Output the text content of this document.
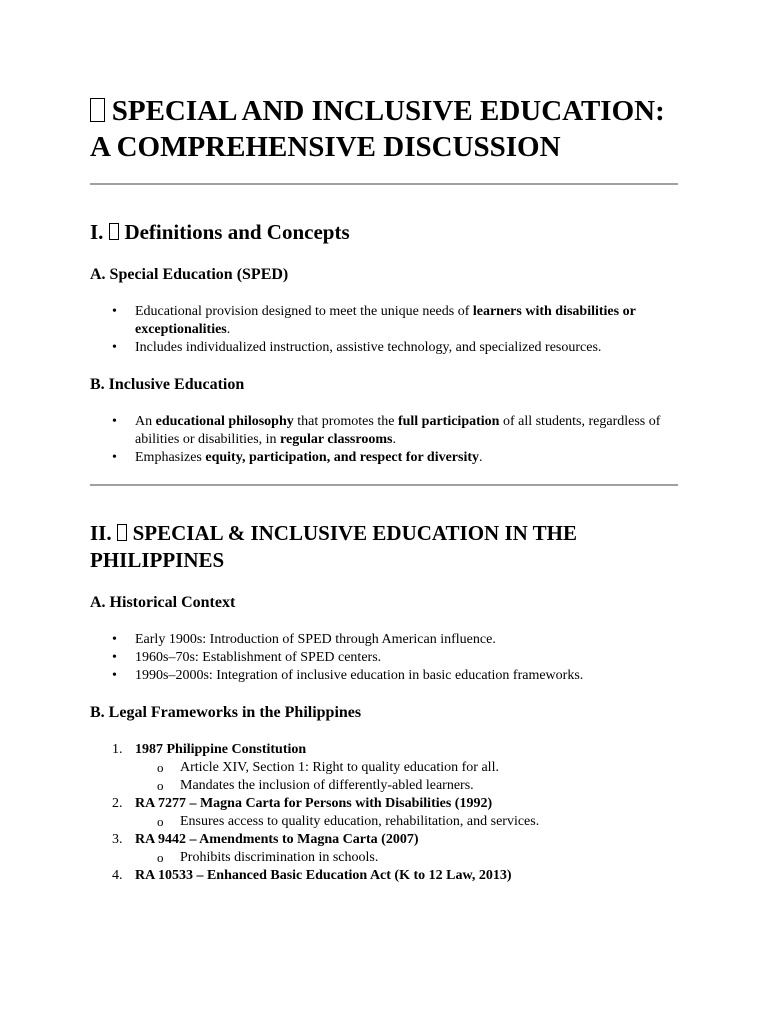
SPECIAL AND INCLUSIVE EDUCATION: A COMPREHENSIVE DISCUSSION
I. Definitions and Concepts
A. Special Education (SPED)
• Educational provision designed to meet the unique needs of learners with disabilities or exceptionalities.
• Includes individualized instruction, assistive technology, and specialized resources.
B. Inclusive Education
• An educational philosophy that promotes the full participation of all students, regardless of abilities or disabilities, in regular classrooms.
• Emphasizes equity, participation, and respect for diversity.
II. SPECIAL & INCLUSIVE EDUCATION IN THE PHILIPPINES
A. Historical Context
• Early 1900s: Introduction of SPED through American influence.
• 1960s–70s: Establishment of SPED centers.
• 1990s–2000s: Integration of inclusive education in basic education frameworks.
B. Legal Frameworks in the Philippines
1. 1987 Philippine Constitution
o Article XIV, Section 1: Right to quality education for all.
o Mandates the inclusion of differently-abled learners.
2. RA 7277 – Magna Carta for Persons with Disabilities (1992)
o Ensures access to quality education, rehabilitation, and services.
3. RA 9442 – Amendments to Magna Carta (2007)
o Prohibits discrimination in schools.
4. RA 10533 – Enhanced Basic Education Act (K to 12 Law, 2013)
